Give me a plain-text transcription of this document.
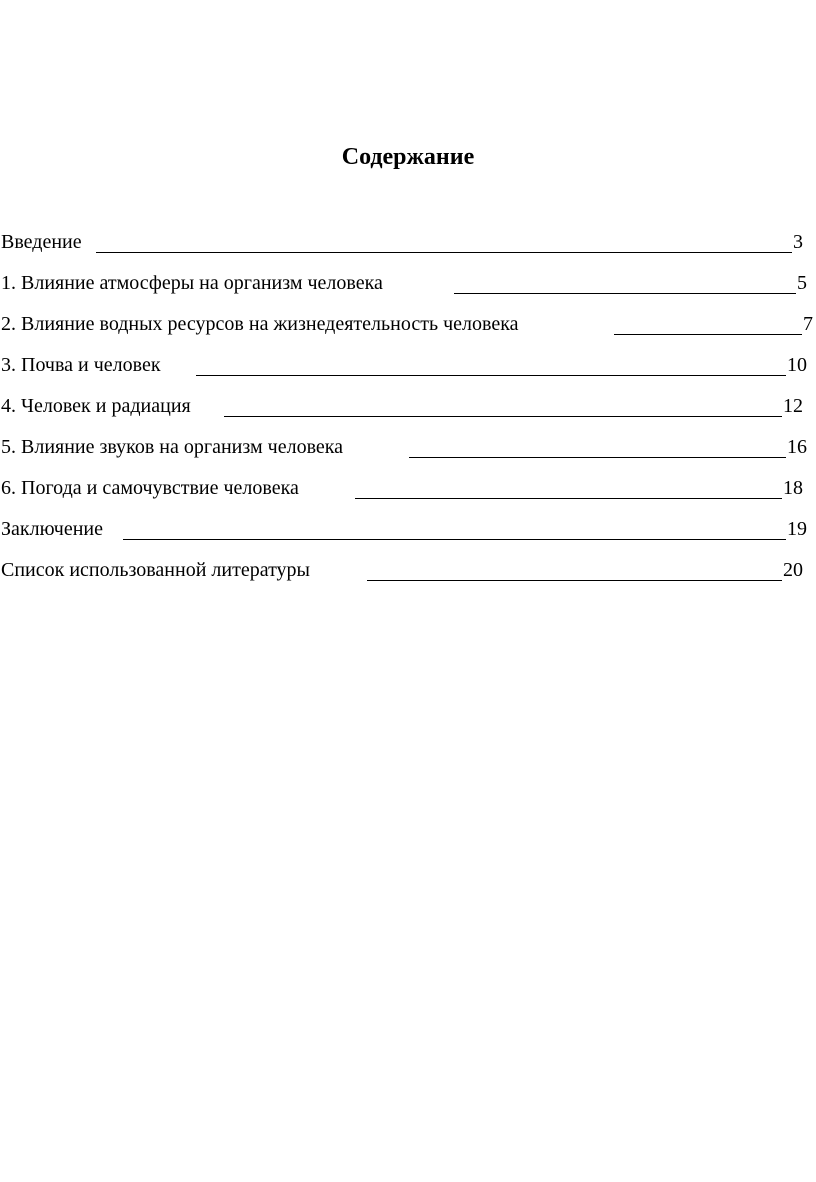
Содержание
Введение	3
1. Влияние атмосферы на организм человека	5
2. Влияние водных ресурсов на жизнедеятельность человека	7
3. Почва и человек	10
4. Человек и радиация	12
5. Влияние звуков на организм человека	16
6. Погода и самочувствие человека	18
Заключение	19
Список использованной литературы	20
